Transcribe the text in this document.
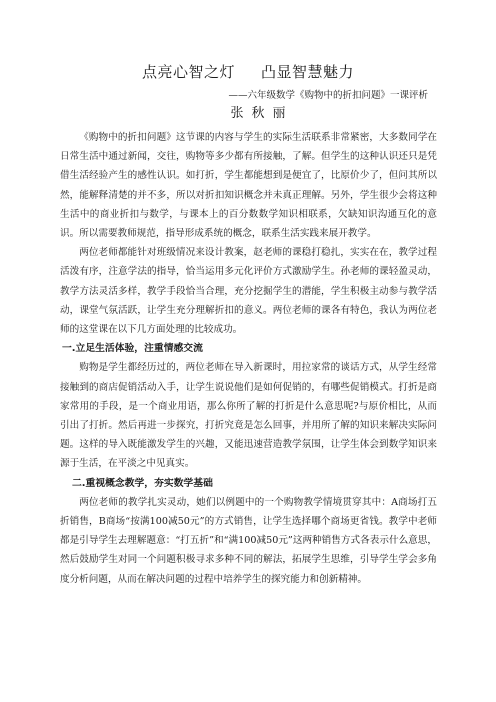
点亮心智之灯 凸显智慧魅力
——六年级数学《购物中的折扣问题》一课评析
张秋丽

《购物中的折扣问题》这节课的内容与学生的实际生活联系非常紧密，大多数同学在日常生活中通过新闻，交往，购物等多少都有所接触，了解。但学生的这种认识还只是凭借生活经验产生的感性认识。如打折，学生都能想到是便宜了，比原价少了，但问其所以然，能解释清楚的并不多，所以对折扣知识概念并未真正理解。另外，学生很少会将这种生活中的商业折扣与数学，与课本上的百分数数学知识相联系，欠缺知识沟通互化的意识。所以需要教师规范，指导形成系统的概念，联系生活实践来展开教学。

两位老师都能针对班级情况来设计教案，赵老师的课稳打稳扎，实实在在，教学过程活泼有序，注意学法的指导，恰当运用多元化评价方式激励学生。孙老师的课轻盈灵动，教学方法灵活多样，教学手段恰当合理，充分挖掘学生的潜能，学生积极主动参与教学活动，课堂气氛活跃，让学生充分理解折扣的意义。两位老师的课各有特色，我认为两位老师的这堂课在以下几方面处理的比较成功。

一.立足生活体验，注重情感交流

购物是学生都经历过的，两位老师在导入新课时，用拉家常的谈话方式，从学生经常接触到的商店促销活动入手，让学生说说他们是如何促销的，有哪些促销模式。打折是商家常用的手段，是一个商业用语，那么你所了解的打折是什么意思呢?与原价相比，从而引出了打折。然后再进一步探究，打折究竟是怎么回事，并用所了解的知识来解决实际问题。这样的导入既能激发学生的兴趣，又能迅速营造教学氛围，让学生体会到数学知识来源于生活，在平淡之中见真实。

二.重视概念教学，夯实数学基础

两位老师的教学扎实灵动，她们以例题中的一个购物教学情境贯穿其中：A商场打五折销售，B商场“按满100减50元”的方式销售，让学生选择哪个商场更省钱。教学中老师都是引导学生去理解题意：“打五折”和“满100减50元”这两种销售方式各表示什么意思，然后鼓励学生对同一个问题积极寻求多种不同的解法，拓展学生思维，引导学生学会多角度分析问题，从而在解决问题的过程中培养学生的探究能力和创新精神。
